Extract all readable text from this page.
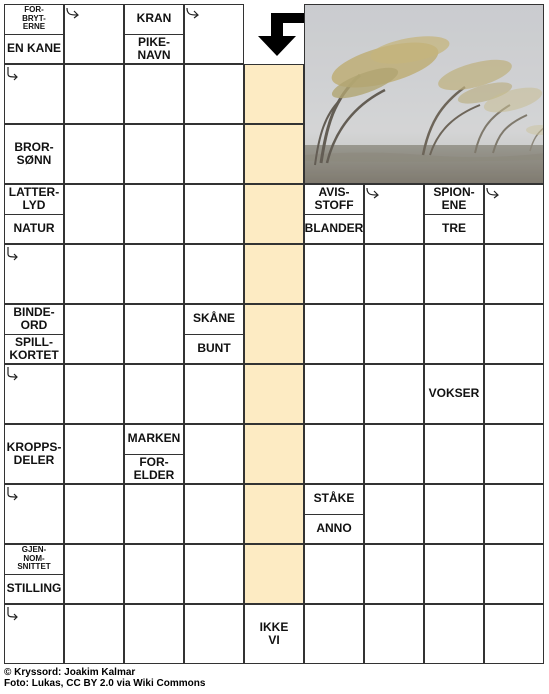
FOR-
BRYT-
ERNE
EN KANE
KRAN
PIKE-
NAVN
BROR-
SØNN
LATTER-
LYD
NATUR
AVIS-
STOFF
BLANDER
SPION-
ENE
TRE
BINDE-
ORD
SPILL-
KORTET
SKÅNE
BUNT
VOKSER
KROPPS-
DELER
MARKEN
FOR-
ELDER
STÅKE
ANNO
GJEN-
NOM-
SNITTET
STILLING
IKKE
VI
© Kryssord: Joakim Kalmar
Foto: Lukas, CC BY 2.0 via Wiki Commons
